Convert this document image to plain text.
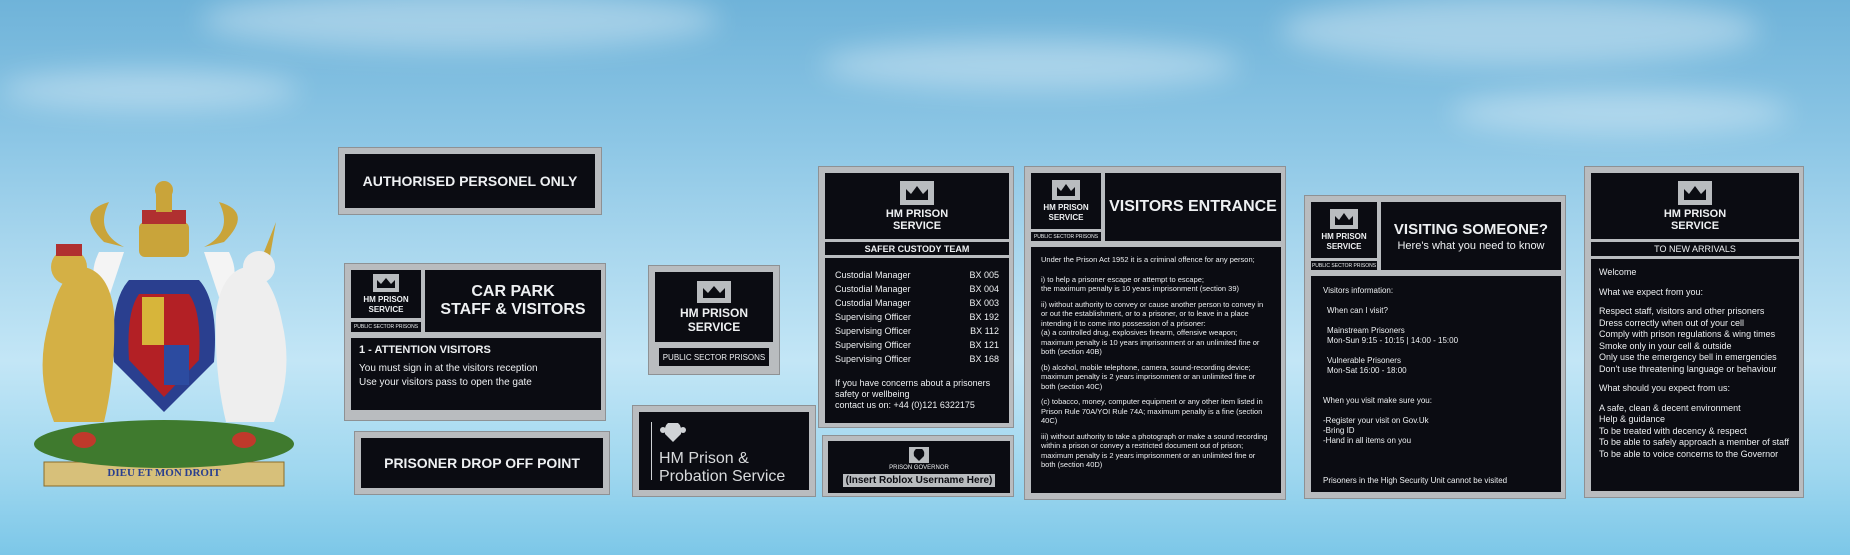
DIEU ET MON DROIT
AUTHORISED PERSONEL ONLY
HM PRISON
SERVICE
PUBLIC SECTOR PRISONS
CAR PARK
STAFF & VISITORS
1 - ATTENTION VISITORS
You must sign in at the visitors reception
Use your visitors pass to open the gate
PRISONER DROP OFF POINT
HM PRISON
SERVICE
PUBLIC SECTOR PRISONS
HM Prison &
Probation Service
HM PRISON
SERVICE
SAFER CUSTODY TEAM
Custodial Manager	BX 005
Custodial Manager	BX 004
Custodial Manager	BX 003
Supervising Officer	BX 192
Supervising Officer	BX 112
Supervising Officer	BX 121
Supervising Officer	BX 168
If you have concerns about a prisoners
safety or wellbeing
contact us on: +44 (0)121 6322175
PRISON GOVERNOR
(Insert Roblox Username Here)
HM PRISON
SERVICE
PUBLIC SECTOR PRISONS
VISITORS ENTRANCE
Under the Prison Act 1952 it is a criminal offence for any person;
i) to help a prisoner escape or attempt to escape;
the maximum penalty is 10 years imprisonment (section 39)
ii) without authority to convey or cause another person to convey in or out the establishment, or to a prisoner, or to leave in a place intending it to come into possession of a prisoner:
(a) a controlled drug, explosives firearm, offensive weapon; maximum penalty is 10 years imprisonment or an unlimited fine or both (section 40B)
(b) alcohol, mobile telephone, camera, sound-recording device; maximum penalty is 2 years imprisonment or an unlimited fine or both (section 40C)
(c) tobacco, money, computer equipment or any other item listed in Prison Rule 70A/YOI Rule 74A; maximum penalty is a fine (section 40C)
iii) without authority to take a photograph or make a sound recording within a prison or convey a restricted document out of prison; maximum penalty is 2 years imprisonment or an unlimited fine or both (section 40D)
HM PRISON
SERVICE
PUBLIC SECTOR PRISONS
VISITING SOMEONE?
Here's what you need to know
Visitors information:
When can I visit?
Mainstream Prisoners
Mon-Sun 9:15 - 10:15 | 14:00 - 15:00
Vulnerable Prisoners
Mon-Sat 16:00 - 18:00
When you visit make sure you:
-Register your visit on Gov.Uk
-Bring ID
-Hand in all items on you
Prisoners in the High Security Unit cannot be visited
HM PRISON
SERVICE
TO NEW ARRIVALS
Welcome
What we expect from you:
Respect staff, visitors and other prisoners
Dress correctly when out of your cell
Comply with prison regulations & wing times
Smoke only in your cell & outside
Only use the emergency bell in emergencies
Don't use threatening language or behaviour
What should you expect from us:
A safe, clean & decent environment
Help & guidance
To be treated with decency & respect
To be able to safely approach a member of staff
To be able to voice concerns to the Governor
